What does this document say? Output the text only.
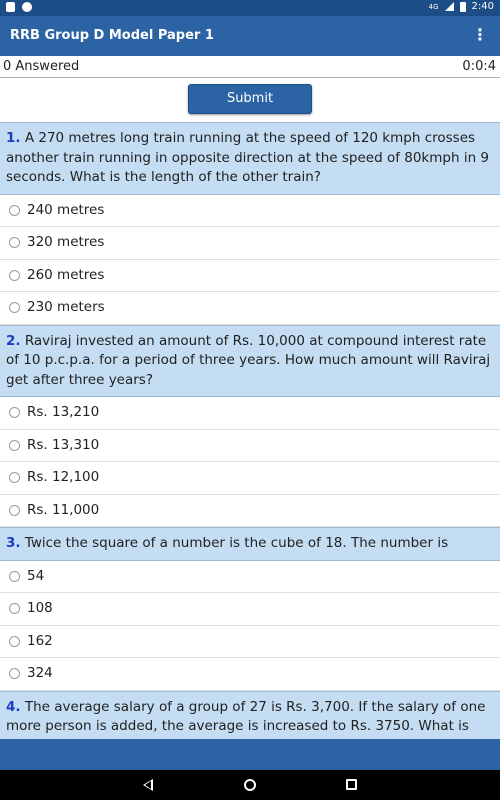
4G	2:40
RRB Group D Model Paper 1	⋮
0 Answered	0:0:4
Submit
1. A 270 metres long train running at the speed of 120 kmph crosses another train running in opposite direction at the speed of 80kmph in 9 seconds. What is the length of the other train?
240 metres
320 metres
260 metres
230 meters
2. Raviraj invested an amount of Rs. 10,000 at compound interest rate of 10 p.c.p.a. for a period of three years. How much amount will Raviraj get after three years?
Rs. 13,210
Rs. 13,310
Rs. 12,100
Rs. 11,000
3. Twice the square of a number is the cube of 18. The number is
54
108
162
324
4. The average salary of a group of 27 is Rs. 3,700. If the salary of one more person is added, the average is increased to Rs. 3750. What is
